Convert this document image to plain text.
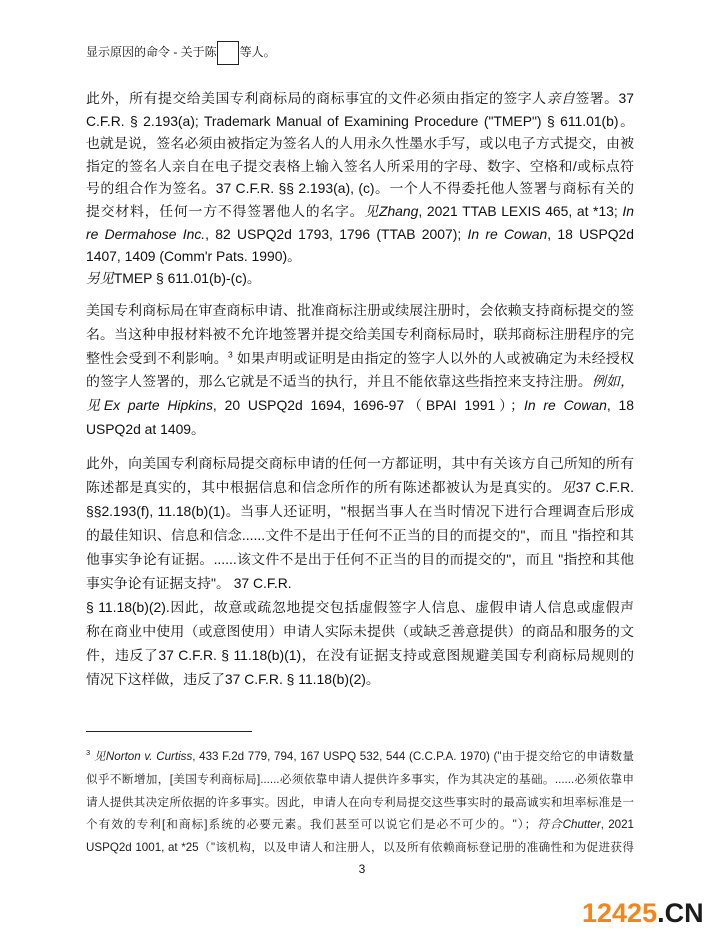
显示原因的命令 - 关于陈 等人。
此外，所有提交给美国专利商标局的商标事宜的文件必须由指定的签字人亲自签署。37
C.F.R. § 2.193(a); Trademark Manual of Examining Procedure ("TMEP") § 611.01(b)。
也就是说，签名必须由被指定为签名人的人用永久性墨水手写，或以电子方式提交，由被
指定的签名人亲自在电子提交表格上输入签名人所采用的字母、数字、空格和/或标点符
号的组合作为签名。37 C.F.R. §§ 2.193(a), (c)。一个人不得委托他人签署与商标有关的
提交材料，任何一方不得签署他人的名字。见Zhang, 2021 TTAB LEXIS 465, at *13; In
re Dermahose Inc., 82 USPQ2d 1793, 1796 (TTAB 2007); In re Cowan, 18 USPQ2d
1407, 1409 (Comm'r Pats. 1990)。
另见TMEP § 611.01(b)-(c)。
美国专利商标局在审查商标申请、批准商标注册或续展注册时，会依赖支持商标提交的签
名。当这种申报材料被不允许地签署并提交给美国专利商标局时，联邦商标注册程序的完
整性会受到不利影响。$^3$ 如果声明或证明是由指定的签字人以外的人或被确定为未经授权
的签字人签署的，那么它就是不适当的执行，并且不能依靠这些指控来支持注册。例如，
见Ex parte Hipkins, 20 USPQ2d 1694, 1696-97（BPAI 1991）；In re Cowan, 18
USPQ2d at 1409。
此外，向美国专利商标局提交商标申请的任何一方都证明，其中有关该方自己所知的所有
陈述都是真实的，其中根据信息和信念所作的所有陈述都被认为是真实的。见37 C.F.R.
§§2.193(f), 11.18(b)(1)。当事人还证明，"根据当事人在当时情况下进行合理调查后形成
的最佳知识、信息和信念......文件不是出于任何不正当的目的而提交的"，而且 "指控和其
他事实争论有证据。......该文件不是出于任何不正当的目的而提交的"，而且 "指控和其他
事实争论有证据支持"。 37 C.F.R.
§ 11.18(b)(2).因此，故意或疏忽地提交包括虚假签字人信息、虚假申请人信息或虚假声
称在商业中使用（或意图使用）申请人实际未提供（或缺乏善意提供）的商品和服务的文
件，违反了37 C.F.R. § 11.18(b)(1)，在没有证据支持或意图规避美国专利商标局规则的
情况下这样做，违反了37 C.F.R. § 11.18(b)(2)。
$^3$ 见Norton v. Curtiss, 433 F.2d 779, 794, 167 USPQ 532, 544 (C.C.P.A. 1970) ("由于提交给它的申请数量
似乎不断增加，[美国专利商标局]......必须依靠申请人提供许多事实，作为其决定的基础。......必须依靠申
请人提供其决定所依据的许多事实。因此，申请人在向专利局提交这些事实时的最高诚实和坦率标准是一
个有效的专利[和商标]系统的必要元素。我们甚至可以说它们是必不可少的。"）；符合Chutter, 2021
USPQ2d 1001, at *25（"该机构，以及申请人和注册人，以及所有依赖商标登记册的准确性和为促进获得
3
12425.CN
